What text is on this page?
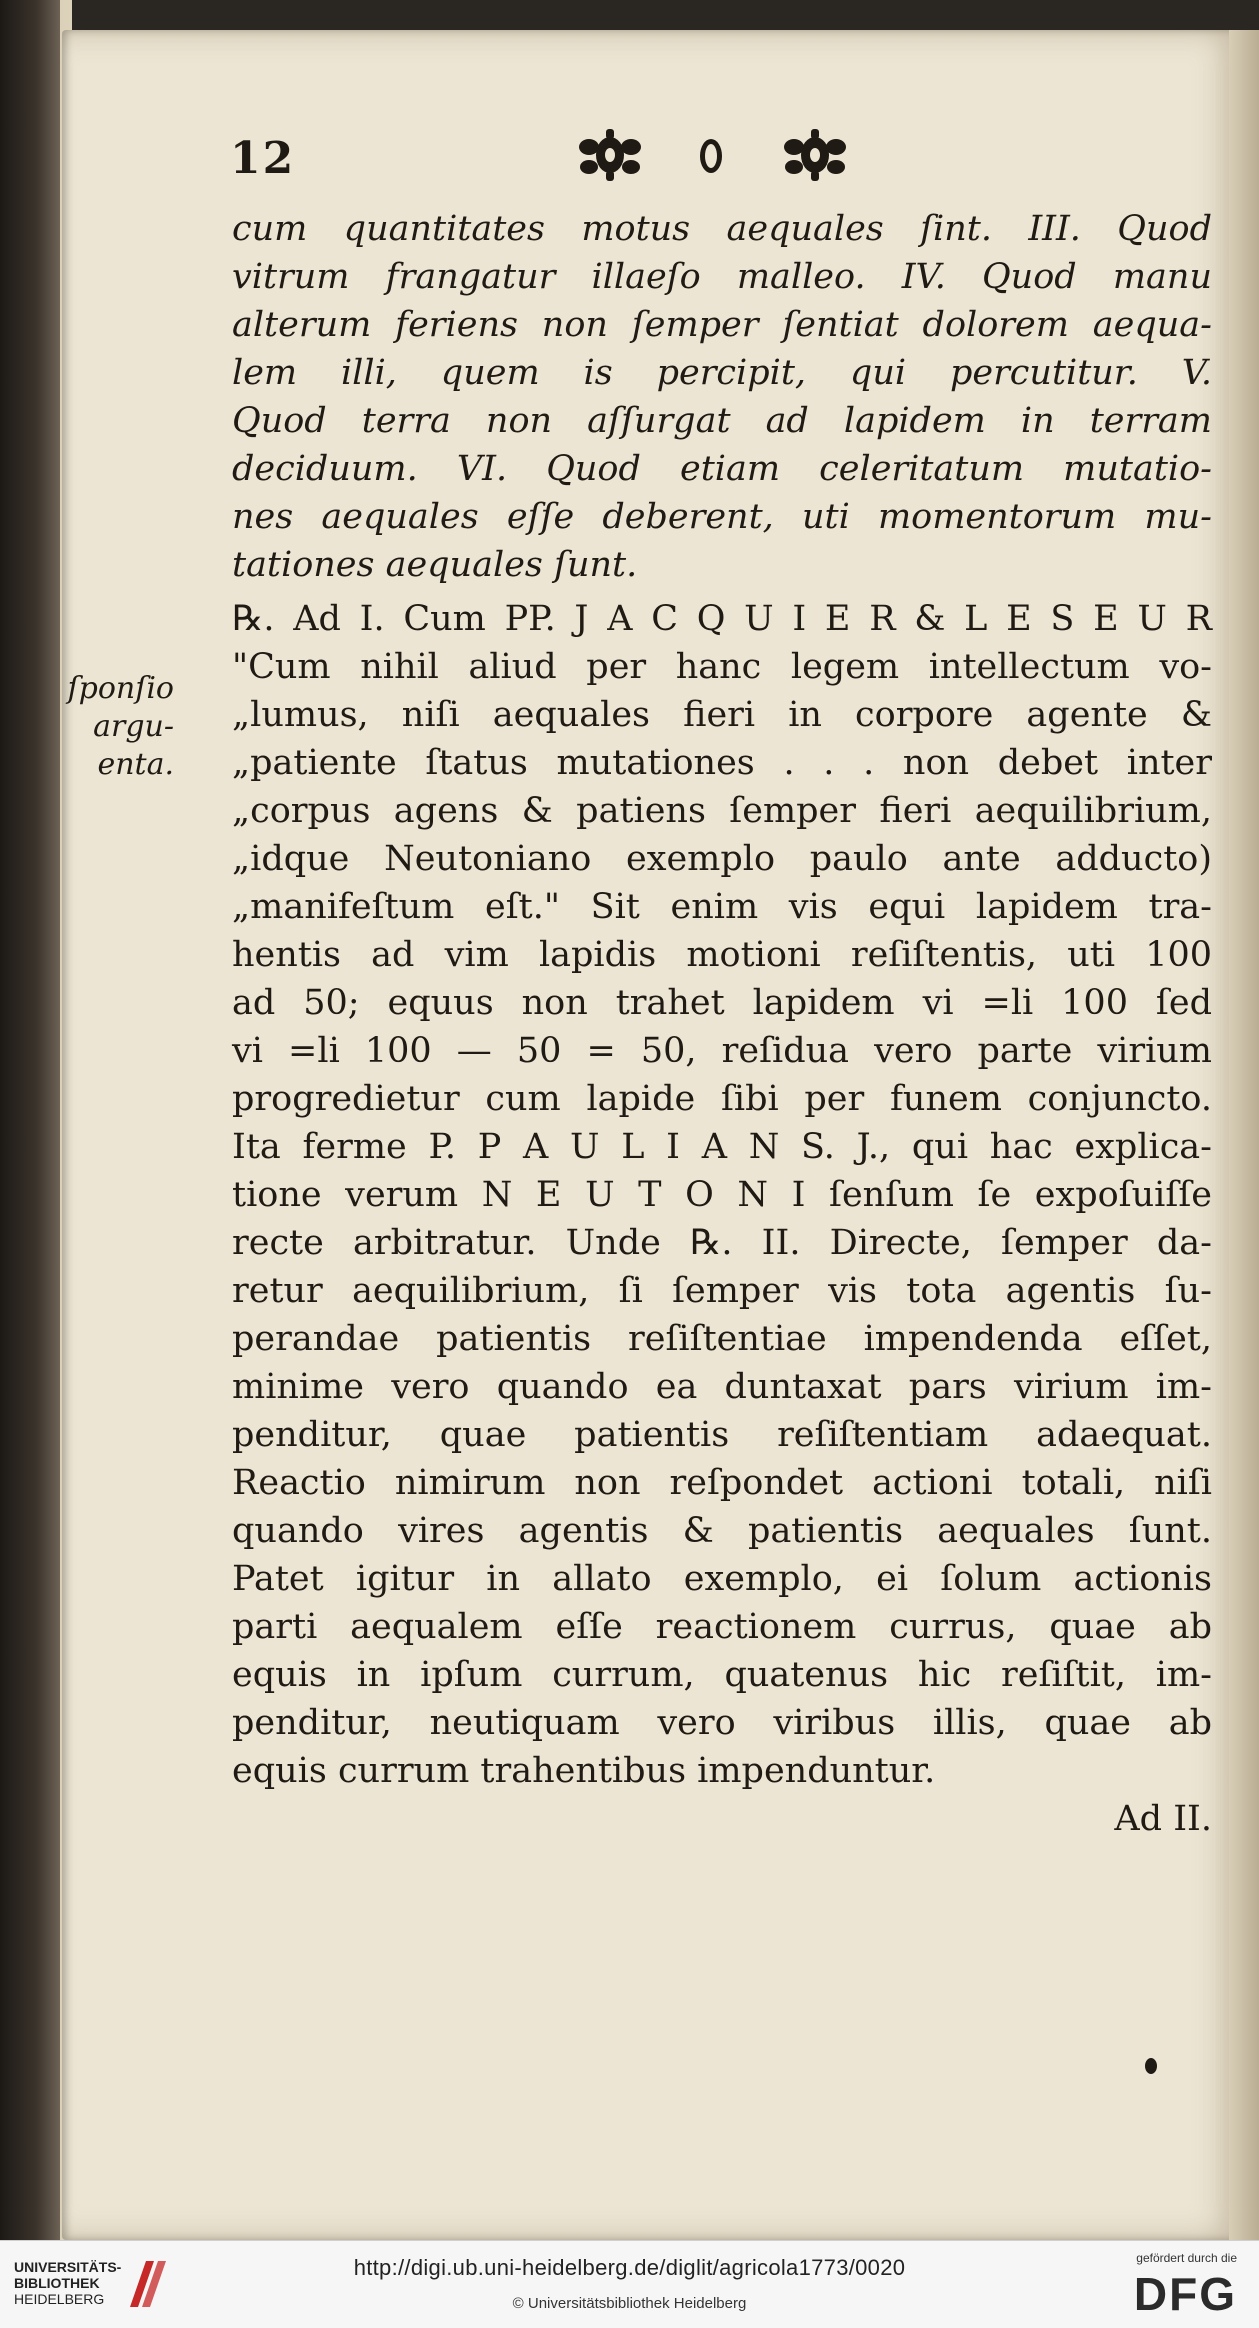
12
ſponſio
argu-
enta.
cum quantitates motus aequales ſint. III. Quod
vitrum frangatur illaeſo malleo. IV. Quod manu
alterum feriens non ſemper ſentiat dolorem aequa-
lem illi, quem is percipit, qui percutitur. V.
Quod terra non aſſurgat ad lapidem in terram
deciduum. VI. Quod etiam celeritatum mutatio-
nes aequales eſſe deberent, uti momentorum mu-
tationes aequales ſunt.
℞. Ad I. Cum PP. J A C Q U I E R & L E S E U R
"Cum nihil aliud per hanc legem intellectum vo-
„lumus, niſi aequales fieri in corpore agente &
„patiente ſtatus mutationes . . . non debet inter
„corpus agens & patiens ſemper fieri aequilibrium,
„idque Neutoniano exemplo paulo ante adducto)
„manifeſtum eſt." Sit enim vis equi lapidem tra-
hentis ad vim lapidis motioni reſiſtentis, uti 100
ad 50; equus non trahet lapidem vi =li 100 ſed
vi =li 100 — 50 = 50, reſidua vero parte virium
progredietur cum lapide ſibi per funem conjuncto.
Ita ferme P. P A U L I A N S. J., qui hac explica-
tione verum N E U T O N I ſenſum ſe expoſuiſſe
recte arbitratur. Unde ℞. II. Directe, ſemper da-
retur aequilibrium, ſi ſemper vis tota agentis ſu-
perandae patientis reſiſtentiae impendenda eſſet,
minime vero quando ea duntaxat pars virium im-
penditur, quae patientis reſiſtentiam adaequat.
Reactio nimirum non reſpondet actioni totali, niſi
quando vires agentis & patientis aequales ſunt.
Patet igitur in allato exemplo, ei ſolum actionis
parti aequalem eſſe reactionem currus, quae ab
equis in ipſum currum, quatenus hic reſiſtit, im-
penditur, neutiquam vero viribus illis, quae ab
equis currum trahentibus impenduntur.
Ad II.
UNIVERSITÄTS-
BIBLIOTHEK
HEIDELBERG
http://digi.ub.uni-heidelberg.de/diglit/agricola1773/0020
© Universitätsbibliothek Heidelberg
gefördert durch die
DFG
